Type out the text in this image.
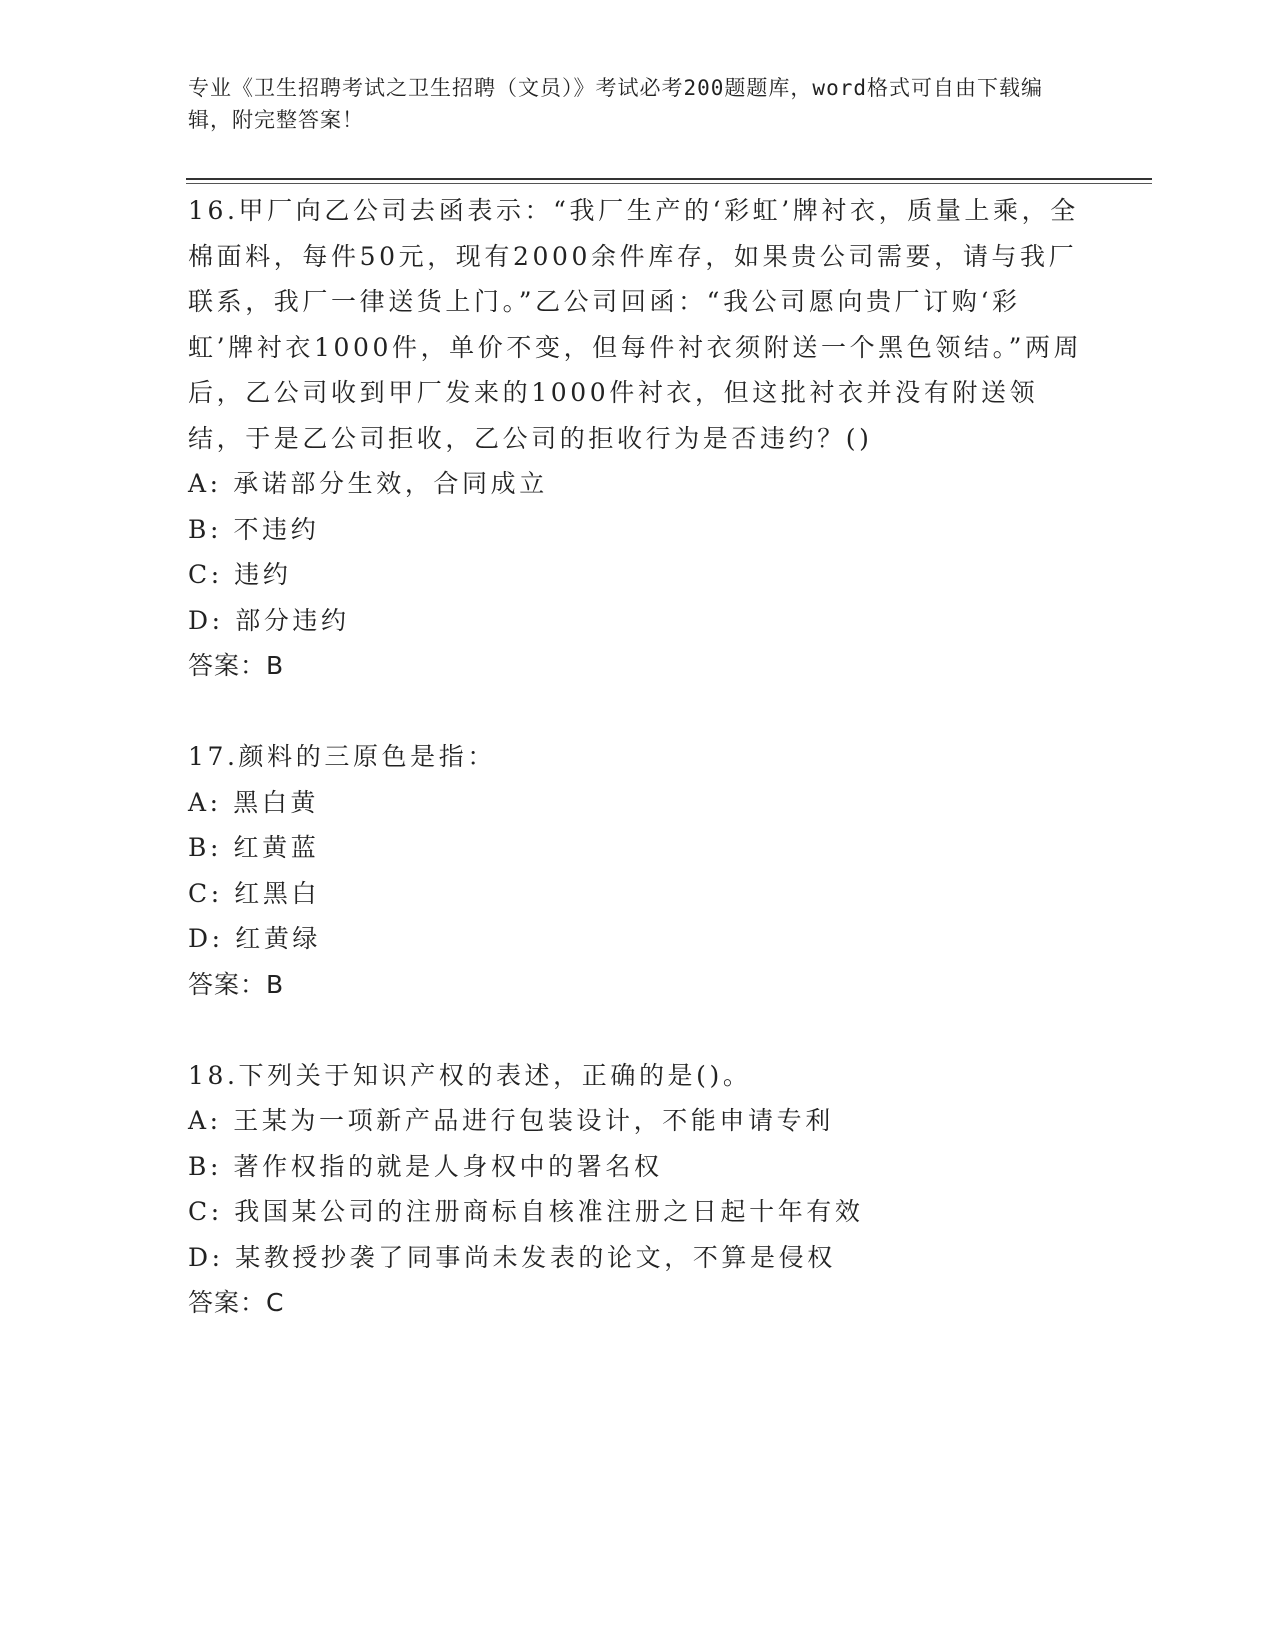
专业《卫生招聘考试之卫生招聘（文员）》考试必考200题题库，word格式可自由下载编辑，附完整答案！

16.甲厂向乙公司去函表示：“我厂生产的‘彩虹’牌衬衣，质量上乘，全棉面料，每件50元，现有2000余件库存，如果贵公司需要，请与我厂联系，我厂一律送货上门。”乙公司回函：“我公司愿向贵厂订购‘彩虹’牌衬衣1000件，单价不变，但每件衬衣须附送一个黑色领结。”两周后，乙公司收到甲厂发来的1000件衬衣，但这批衬衣并没有附送领结，于是乙公司拒收，乙公司的拒收行为是否违约？()

A: 承诺部分生效，合同成立

B: 不违约

C: 违约

D: 部分违约

答案：B

17.颜料的三原色是指：

A: 黑白黄

B: 红黄蓝

C: 红黑白

D: 红黄绿

答案：B

18.下列关于知识产权的表述，正确的是()。

A: 王某为一项新产品进行包装设计，不能申请专利

B: 著作权指的就是人身权中的署名权

C: 我国某公司的注册商标自核准注册之日起十年有效

D: 某教授抄袭了同事尚未发表的论文，不算是侵权

答案：C
